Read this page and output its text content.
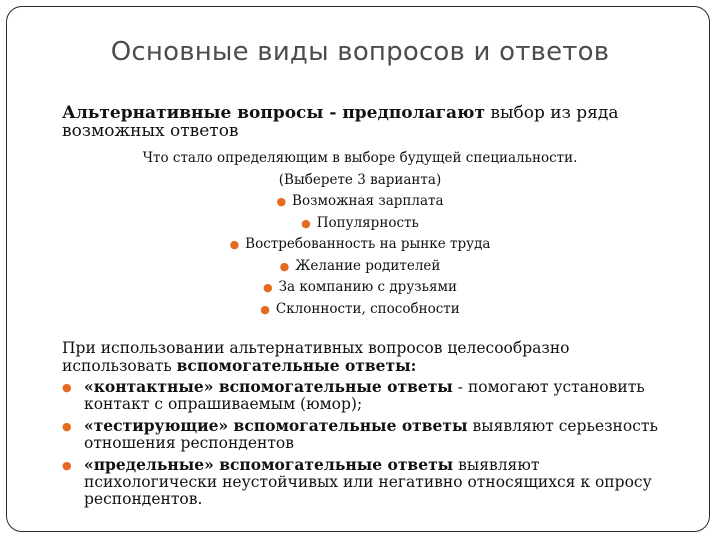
Основные виды вопросов и ответов
Альтернативные вопросы - предполагают выбор из ряда возможных ответов
Что стало определяющим в выборе будущей специальности.
(Выберете 3 варианта)
● Возможная зарплата
● Популярность
● Востребованность на рынке труда
● Желание родителей
● За компанию с друзьями
● Склонности, способности

При использовании альтернативных вопросов целесообразно использовать вспомогательные ответы:

● «контактные» вспомогательные ответы - помогают установить контакт с опрашиваемым (юмор);
● «тестирующие» вспомогательные ответы выявляют серьезность отношения респондентов
● «предельные» вспомогательные ответы выявляют психологически неустойчивых или негативно относящихся к опросу респондентов.
